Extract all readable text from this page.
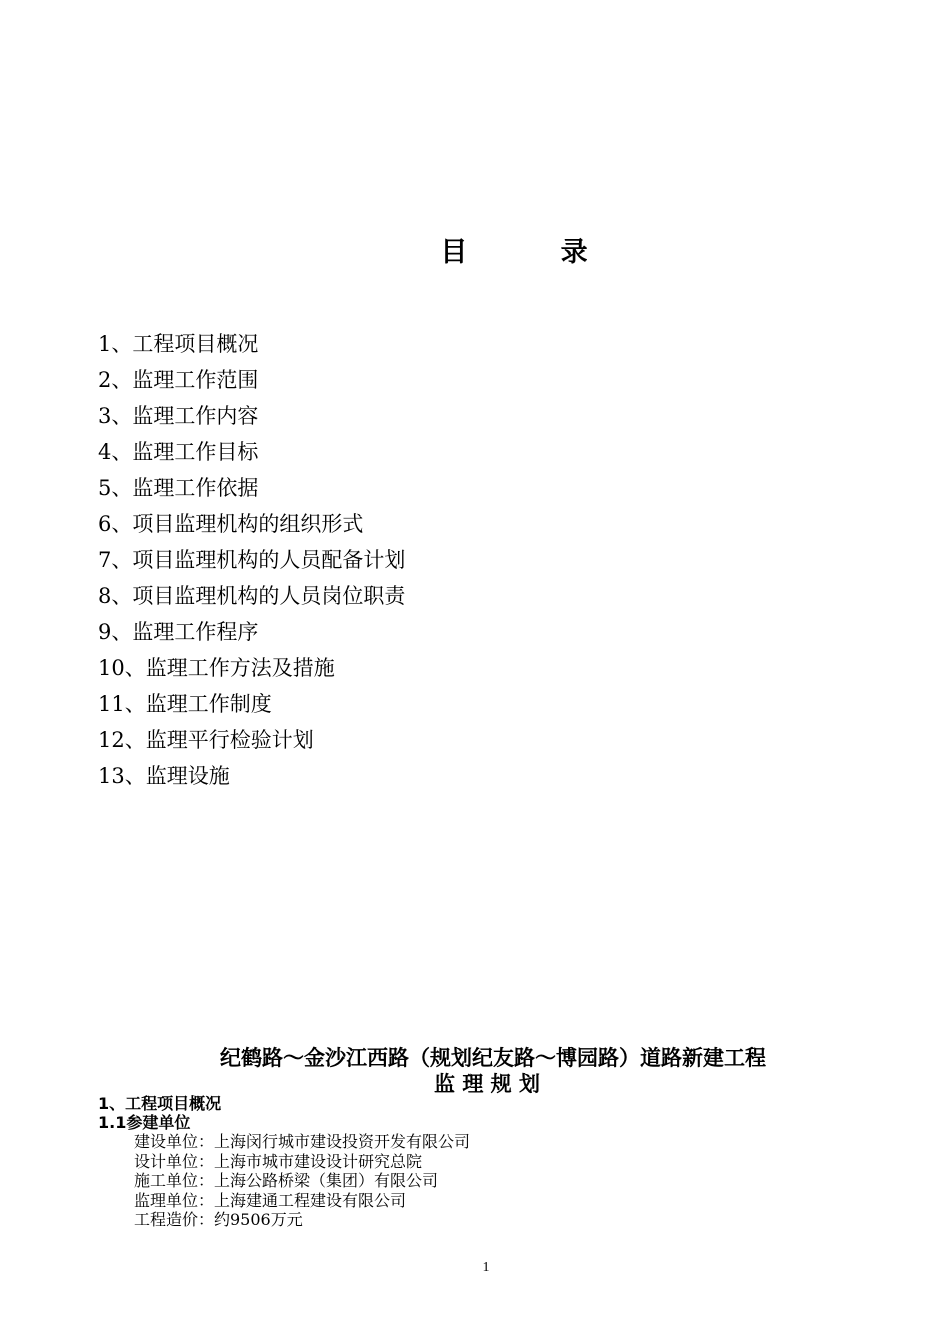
目        录
1、工程项目概况
2、监理工作范围
3、监理工作内容
4、监理工作目标
5、监理工作依据
6、项目监理机构的组织形式
7、项目监理机构的人员配备计划
8、项目监理机构的人员岗位职责
9、监理工作程序
10、监理工作方法及措施
11、监理工作制度
12、监理平行检验计划
13、监理设施
纪鹤路～金沙江西路（规划纪友路～博园路）道路新建工程
监 理 规 划
1、工程项目概况
1.1参建单位
建设单位：上海闵行城市建设投资开发有限公司
设计单位：上海市城市建设设计研究总院
施工单位：上海公路桥梁（集团）有限公司
监理单位：上海建通工程建设有限公司
工程造价：约9506万元
1
